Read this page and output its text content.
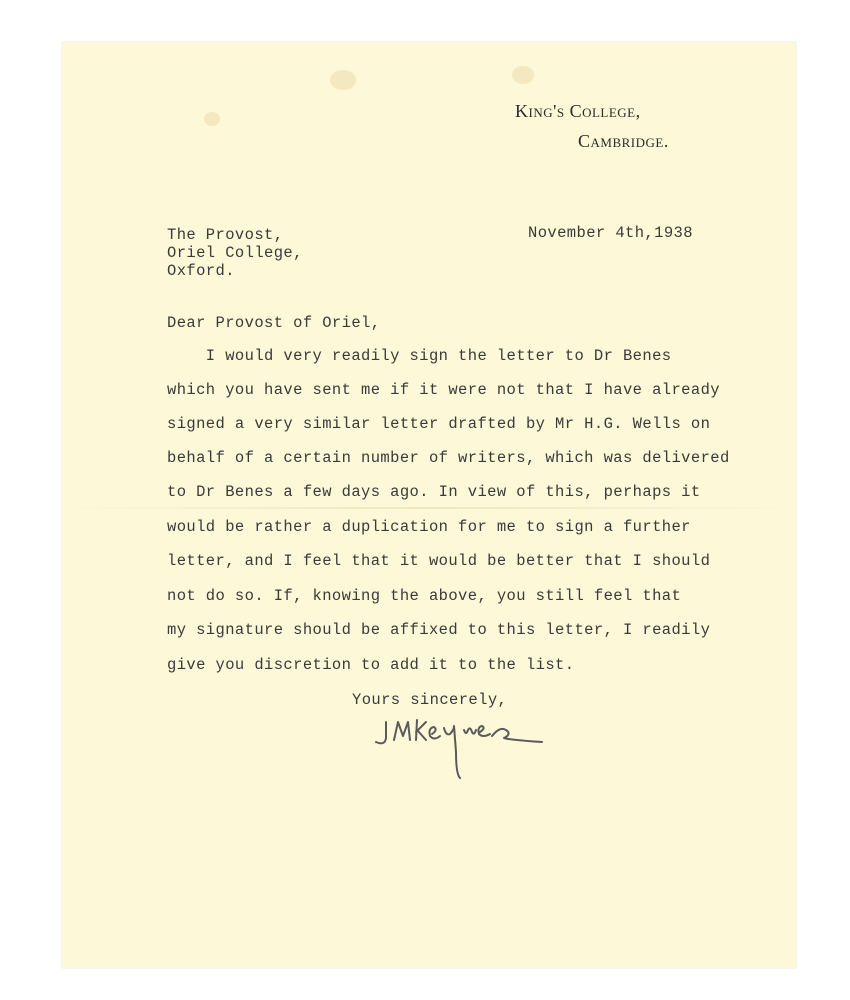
King's College,
Cambridge.
November 4th,1938
The Provost,
Oriel College,
Oxford.
Dear Provost of Oriel,
I would very readily sign the letter to Dr Benes
which you have sent me if it were not that I have already
signed a very similar letter drafted by Mr H.G. Wells on
behalf of a certain number of writers, which was delivered
to Dr Benes a few days ago. In view of this, perhaps it
would be rather a duplication for me to sign a further
letter, and I feel that it would be better that I should
not do so. If, knowing the above, you still feel that
my signature should be affixed to this letter, I readily
give you discretion to add it to the list.
Yours sincerely,
